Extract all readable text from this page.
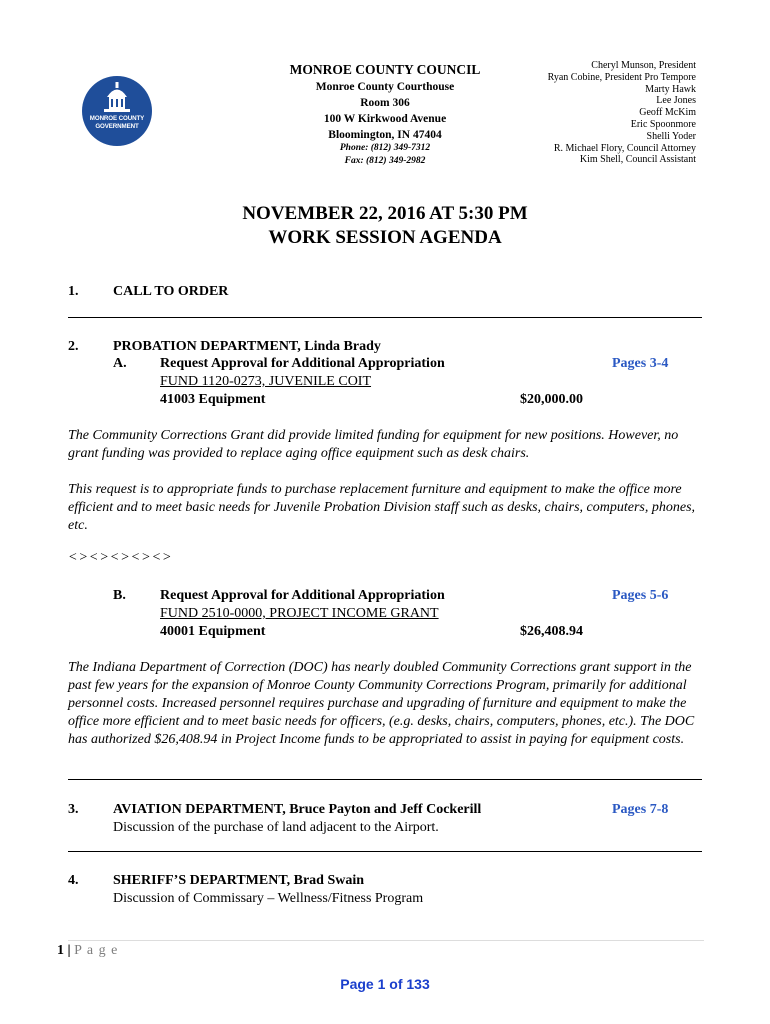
MONROE COUNTY
GOVERNMENT
MONROE COUNTY COUNCIL
Monroe County Courthouse
Room 306
100 W Kirkwood Avenue
Bloomington, IN 47404
Phone: (812) 349-7312
Fax: (812) 349-2982
Cheryl Munson, President
Ryan Cobine, President Pro Tempore
Marty Hawk
Lee Jones
Geoff McKim
Eric Spoonmore
Shelli Yoder
R. Michael Flory, Council Attorney
Kim Shell, Council Assistant
NOVEMBER 22, 2016 AT 5:30 PM
WORK SESSION AGENDA
1. CALL TO ORDER
2. PROBATION DEPARTMENT, Linda Brady
A. Request Approval for Additional Appropriation	Pages 3-4
FUND 1120-0273, JUVENILE COIT
41003 Equipment	$20,000.00
The Community Corrections Grant did provide limited funding for equipment for new positions. However, no grant funding was provided to replace aging office equipment such as desk chairs.
This request is to appropriate funds to purchase replacement furniture and equipment to make the office more efficient and to meet basic needs for Juvenile Probation Division staff such as desks, chairs, computers, phones, etc.
<><><><><>
B. Request Approval for Additional Appropriation	Pages 5-6
FUND 2510-0000, PROJECT INCOME GRANT
40001 Equipment	$26,408.94
The Indiana Department of Correction (DOC) has nearly doubled Community Corrections grant support in the past few years for the expansion of Monroe County Community Corrections Program, primarily for additional personnel costs. Increased personnel requires purchase and upgrading of furniture and equipment to make the office more efficient and to meet basic needs for officers, (e.g. desks, chairs, computers, phones, etc.). The DOC has authorized $26,408.94 in Project Income funds to be appropriated to assist in paying for equipment costs.
3. AVIATION DEPARTMENT, Bruce Payton and Jeff Cockerill	Pages 7-8
Discussion of the purchase of land adjacent to the Airport.
4. SHERIFF’S DEPARTMENT, Brad Swain
Discussion of Commissary – Wellness/Fitness Program
1 | P a g e
Page 1 of 133
